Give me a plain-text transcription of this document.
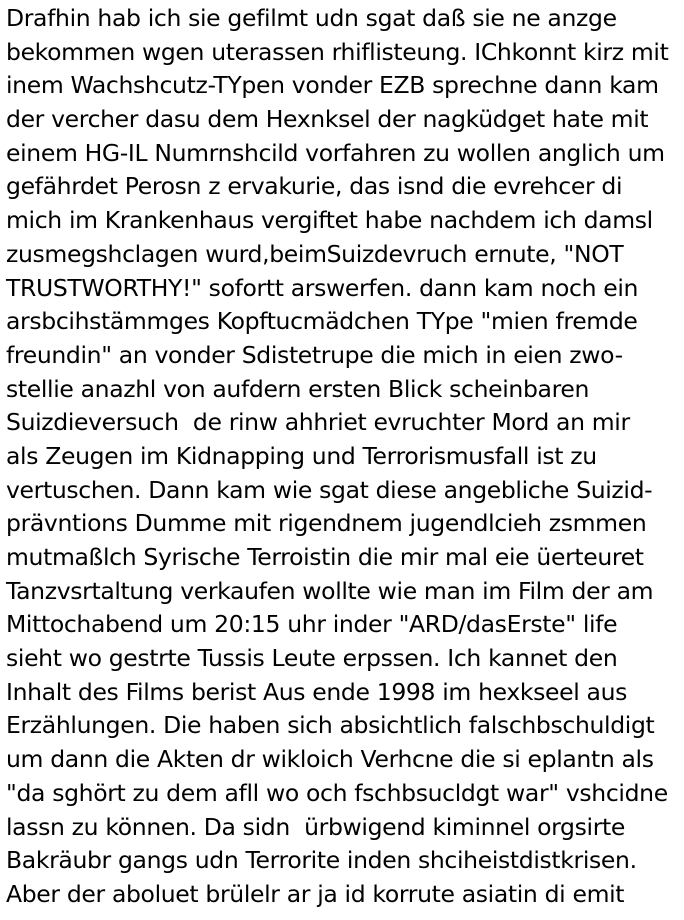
Drafhin hab ich sie gefilmt udn sgat daß sie ne anzge
bekommen wgen uterassen rhiflisteung. IChkonnt kirz mit
inem Wachshcutz-TYpen vonder EZB sprechne dann kam
der vercher dasu dem Hexnksel der nagküdget hate mit
einem HG-IL Numrnshcild vorfahren zu wollen anglich um
gefährdet Perosn z ervakurie, das isnd die evrehcer di
mich im Krankenhaus vergiftet habe nachdem ich damsl
zusmegshclagen wurd,beimSuizdevruch ernute, "NOT
TRUSTWORTHY!" sofortt arswerfen. dann kam noch ein
arsbcihstämmges Kopftucmädchen TYpe "mien fremde
freundin" an vonder Sdistetrupe die mich in eien zwo-
stellie anazhl von aufdern ersten Blick scheinbaren
Suizdieversuch  de rinw ahhriet evruchter Mord an mir
als Zeugen im Kidnapping und Terrorismusfall ist zu
vertuschen. Dann kam wie sgat diese angebliche Suizid-
prävntions Dumme mit rigendnem jugendlcieh zsmmen
mutmaßlch Syrische Terroistin die mir mal eie üerteuret
Tanzvsrtaltung verkaufen wollte wie man im Film der am
Mittochabend um 20:15 uhr inder "ARD/dasErste" life
sieht wo gestrte Tussis Leute erpssen. Ich kannet den
Inhalt des Films berist Aus ende 1998 im hexkseel aus
Erzählungen. Die haben sich absichtlich falschbschuldigt
um dann die Akten dr wikloich Verhcne die si eplantn als
"da sghört zu dem afll wo och fschbsucldgt war" vshcidne
lassn zu können. Da sidn  ürbwigend kiminnel orgsirte
Bakräubr gangs udn Terrorite inden shciheistdistkrisen.
Aber der aboluet brülelr ar ja id korrute asiatin di emit
